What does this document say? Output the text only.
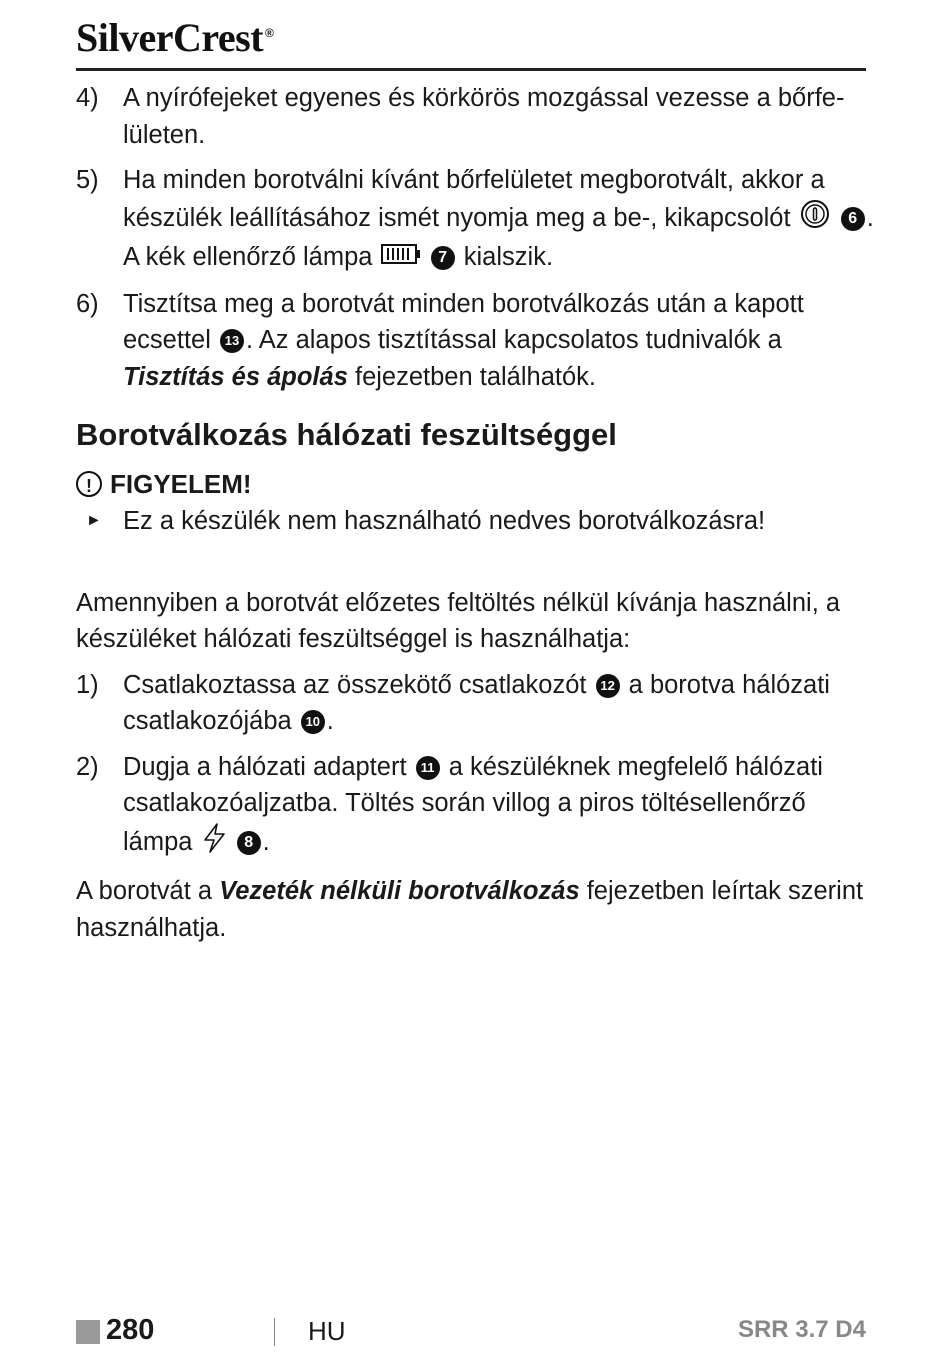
SilverCrest ®
4) A nyírófejeket egyenes és körkörös mozgással vezesse a bőrfe-lületen.
5) Ha minden borotválni kívánt bőrfelületet megborotvált, akkor a készülék leállításához ismét nyomja meg a be-, kikapcsolót	6 .
A kék ellenőrző lámpa	7 kialszik.
6) Tisztítsa meg a borotvát minden borotválkozás után a kapott ecsettel 13 . Az alapos tisztítással kapcsolatos tudnivalók a Tisztítás és ápolás fejezetben találhatók.
Borotválkozás hálózati feszültséggel
! FIGYELEM!
► Ez a készülék nem használható nedves borotválkozásra!
Amennyiben a borotvát előzetes feltöltés nélkül kívánja használni, a készüléket hálózati feszültséggel is használhatja:
1) Csatlakoztassa az összekötő csatlakozót 12 a borotva hálózati csatlakozójába 10 .
2) Dugja a hálózati adaptert 11 a készüléknek megfelelő hálózati csatlakozóaljzatba. Töltés során villog a piros töltésellenőrző lámpa	8 .
A borotvát a Vezeték nélküli borotválkozás fejezetben leírtak szerint használhatja.
280	HU	SRR 3.7 D4
